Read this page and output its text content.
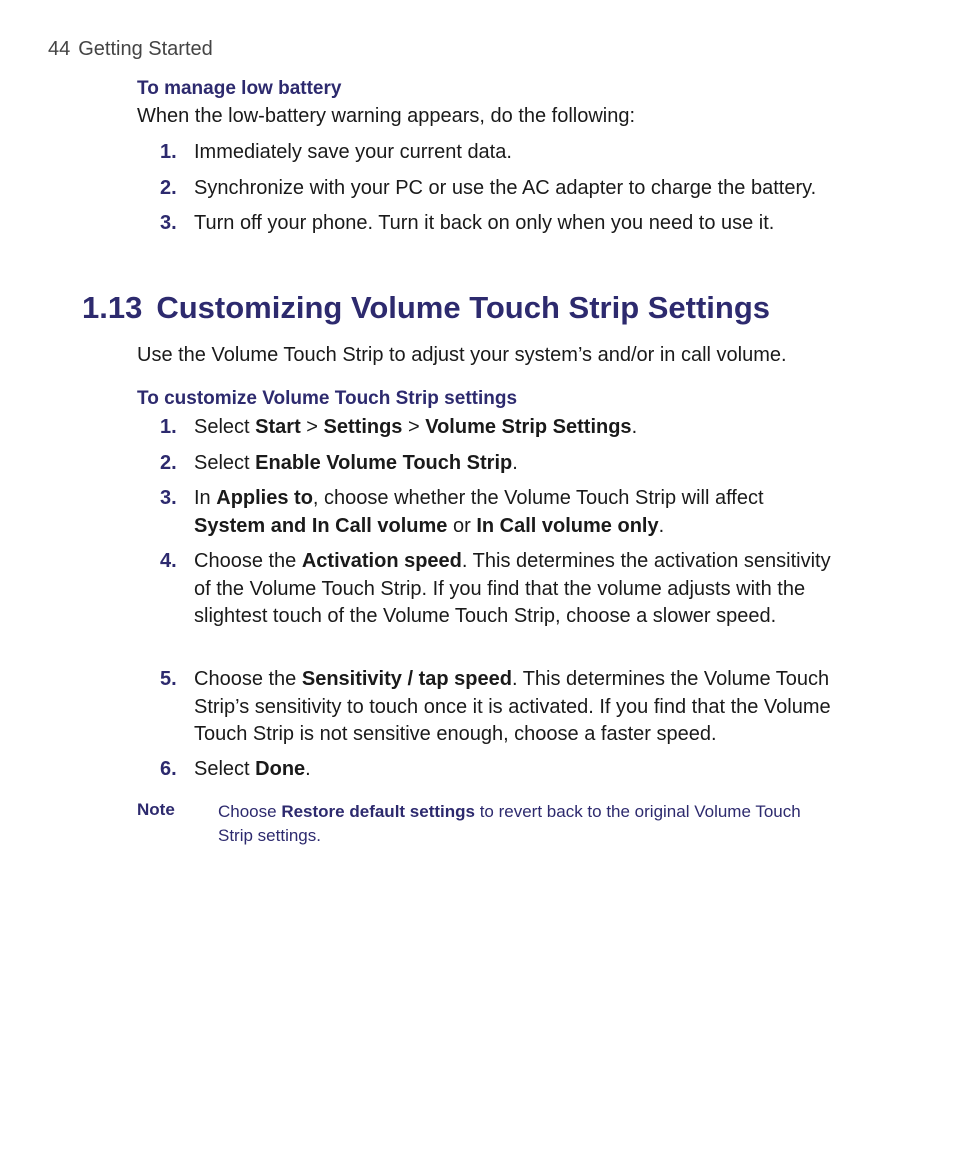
44 Getting Started
To manage low battery
When the low-battery warning appears, do the following:
1. Immediately save your current data.
2. Synchronize with your PC or use the AC adapter to charge the battery.
3. Turn off your phone. Turn it back on only when you need to use it.
1.13 Customizing Volume Touch Strip Settings
Use the Volume Touch Strip to adjust your system’s and/or in call volume.
To customize Volume Touch Strip settings
1. Select Start > Settings > Volume Strip Settings.
2. Select Enable Volume Touch Strip.
3. In Applies to, choose whether the Volume Touch Strip will affect System and In Call volume or In Call volume only.
4. Choose the Activation speed. This determines the activation sensitivity of the Volume Touch Strip. If you find that the volume adjusts with the slightest touch of the Volume Touch Strip, choose a slower speed.
5. Choose the Sensitivity / tap speed. This determines the Volume Touch Strip’s sensitivity to touch once it is activated. If you find that the Volume Touch Strip is not sensitive enough, choose a faster speed.
6. Select Done.
Note	Choose Restore default settings to revert back to the original Volume Touch Strip settings.
